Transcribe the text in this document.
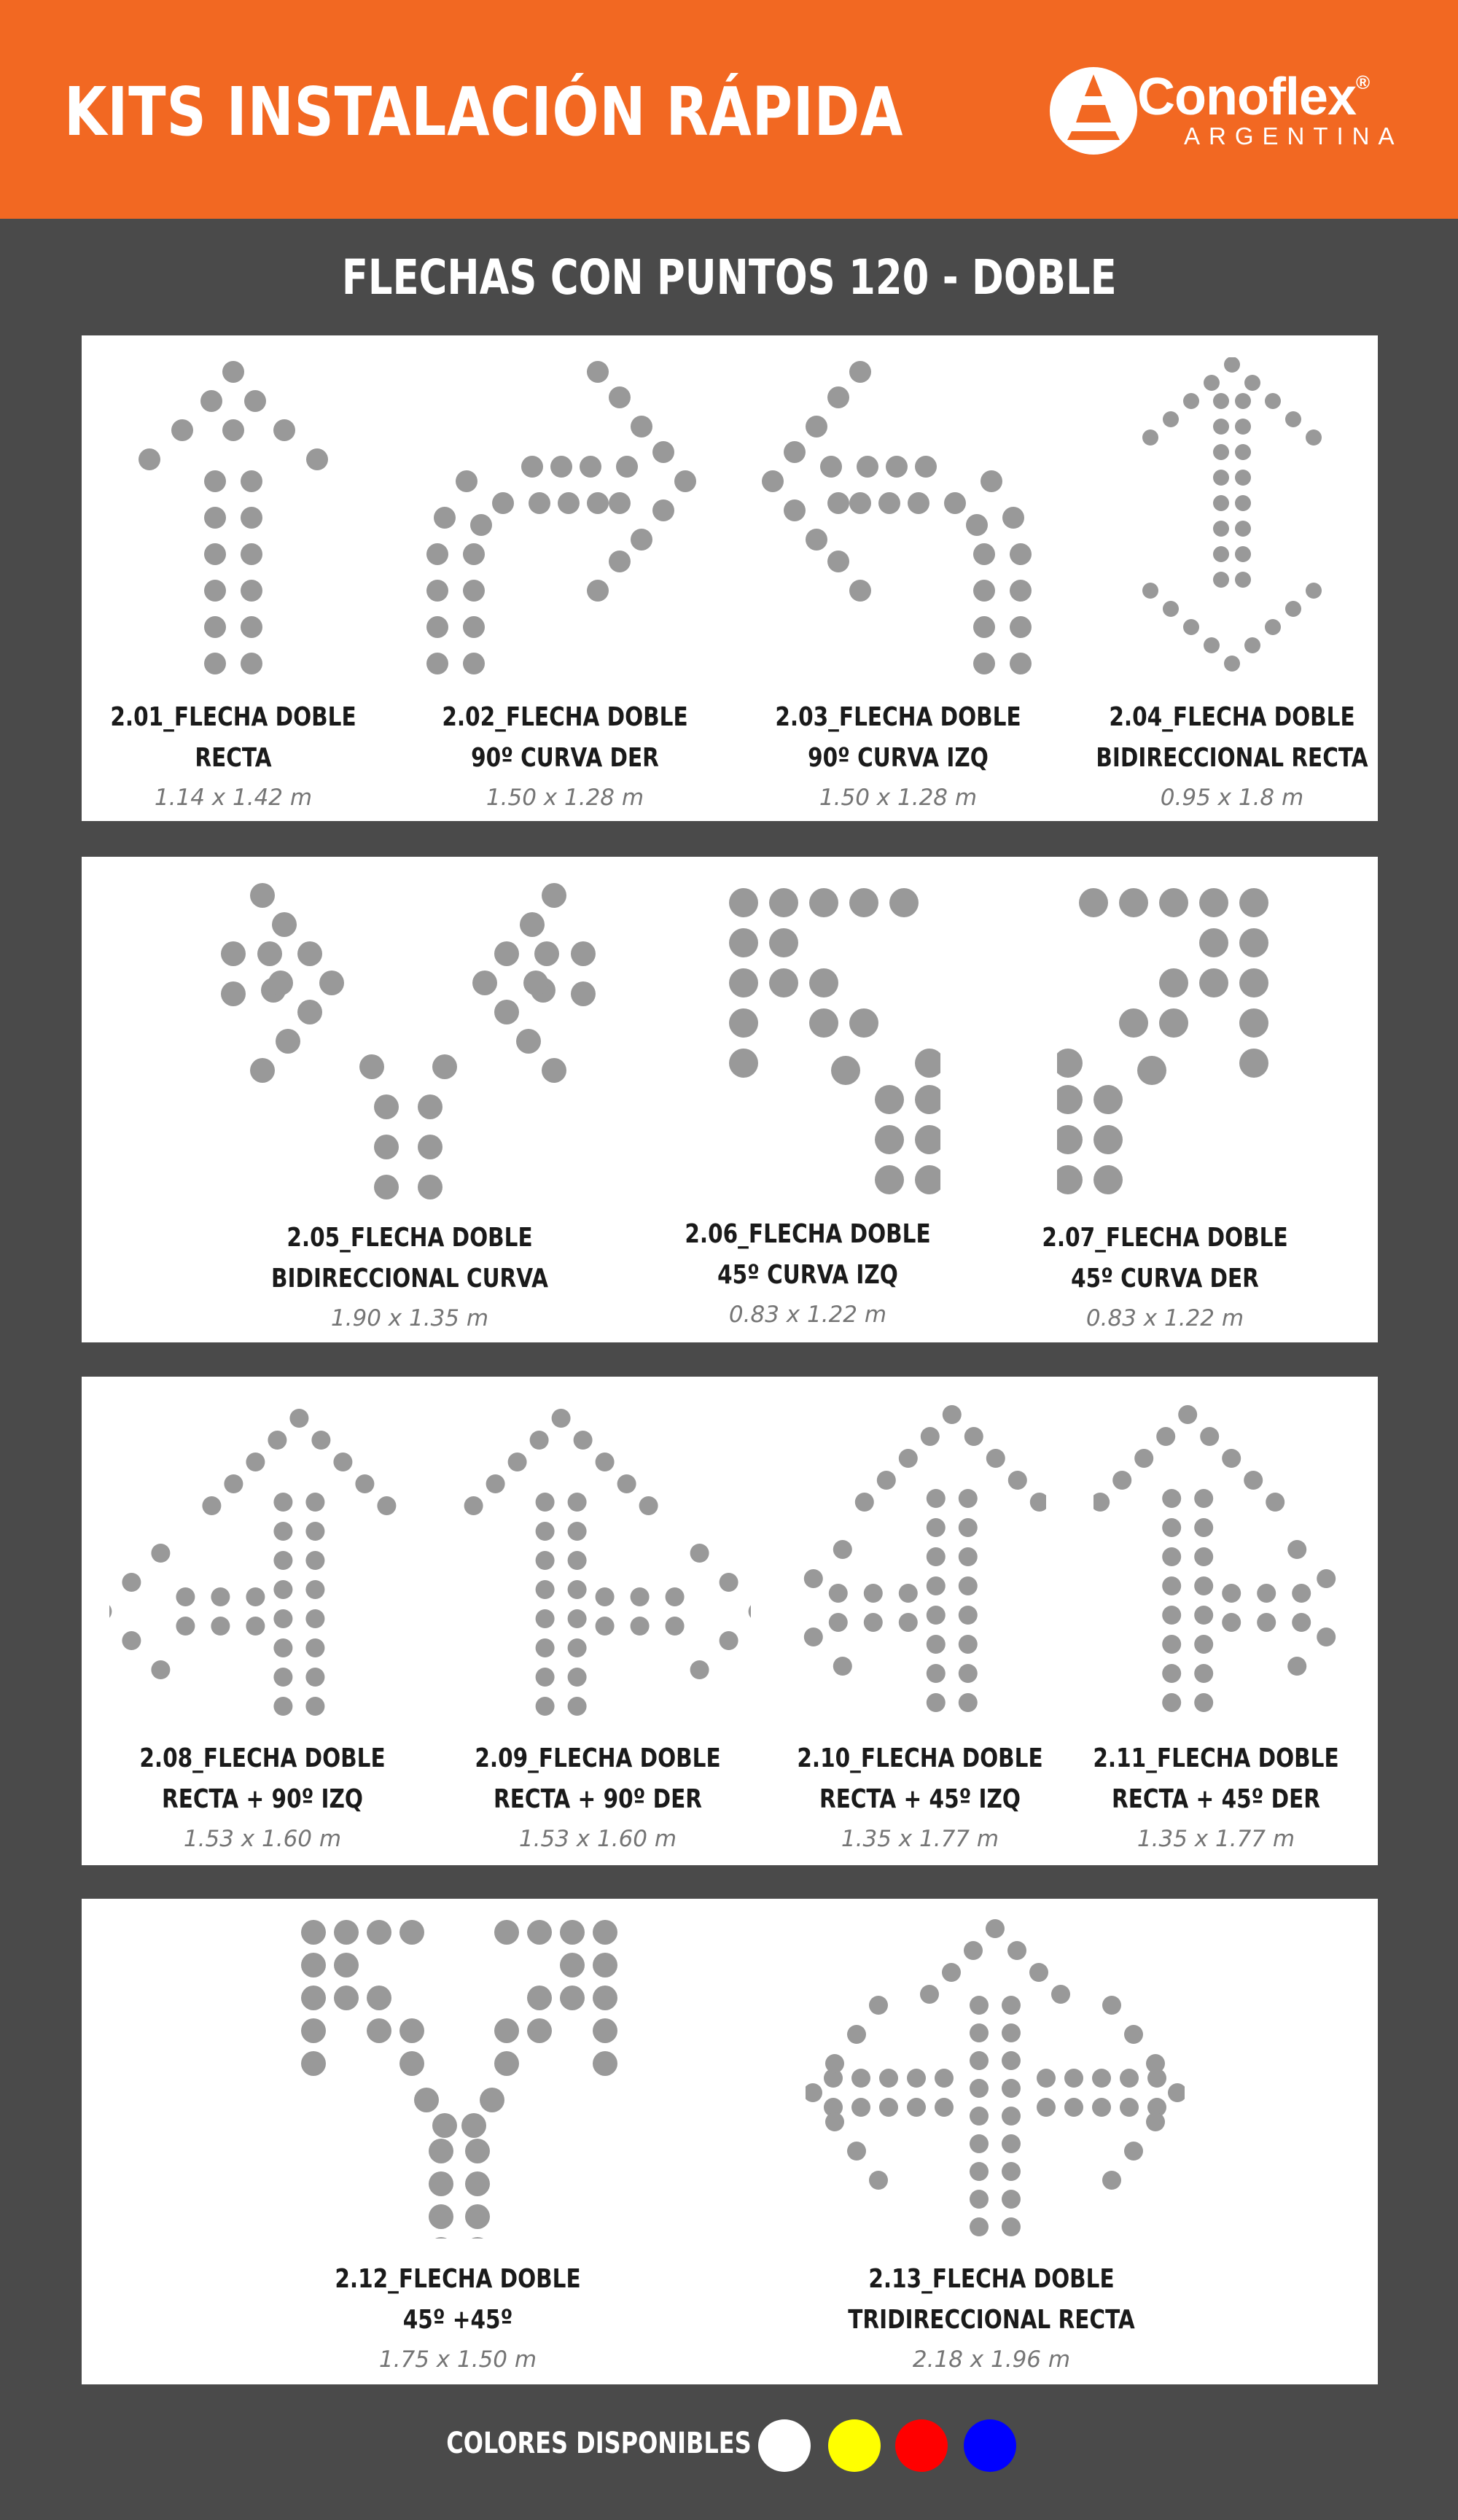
KITS INSTALACIÓN RÁPIDA	Conoflex®
ARGENTINA
FLECHAS CON PUNTOS 120 - DOBLE
2.01_FLECHA DOBLE
RECTA
1.14 x 1.42 m
2.02_FLECHA DOBLE
90º CURVA DER
1.50 x 1.28 m
2.03_FLECHA DOBLE
90º CURVA IZQ
1.50 x 1.28 m
2.04_FLECHA DOBLE
BIDIRECCIONAL RECTA
0.95 x 1.8 m
2.05_FLECHA DOBLE
BIDIRECCIONAL CURVA
1.90 x 1.35 m
2.06_FLECHA DOBLE
45º CURVA IZQ
0.83 x 1.22 m
2.07_FLECHA DOBLE
45º CURVA DER
0.83 x 1.22 m
2.08_FLECHA DOBLE
RECTA + 90º IZQ
1.53 x 1.60 m
2.09_FLECHA DOBLE
RECTA + 90º DER
1.53 x 1.60 m
2.10_FLECHA DOBLE
RECTA + 45º IZQ
1.35 x 1.77 m
2.11_FLECHA DOBLE
RECTA + 45º DER
1.35 x 1.77 m
2.12_FLECHA DOBLE
45º +45º
1.75 x 1.50 m
2.13_FLECHA DOBLE
TRIDIRECCIONAL RECTA
2.18 x 1.96 m
COLORES DISPONIBLES
